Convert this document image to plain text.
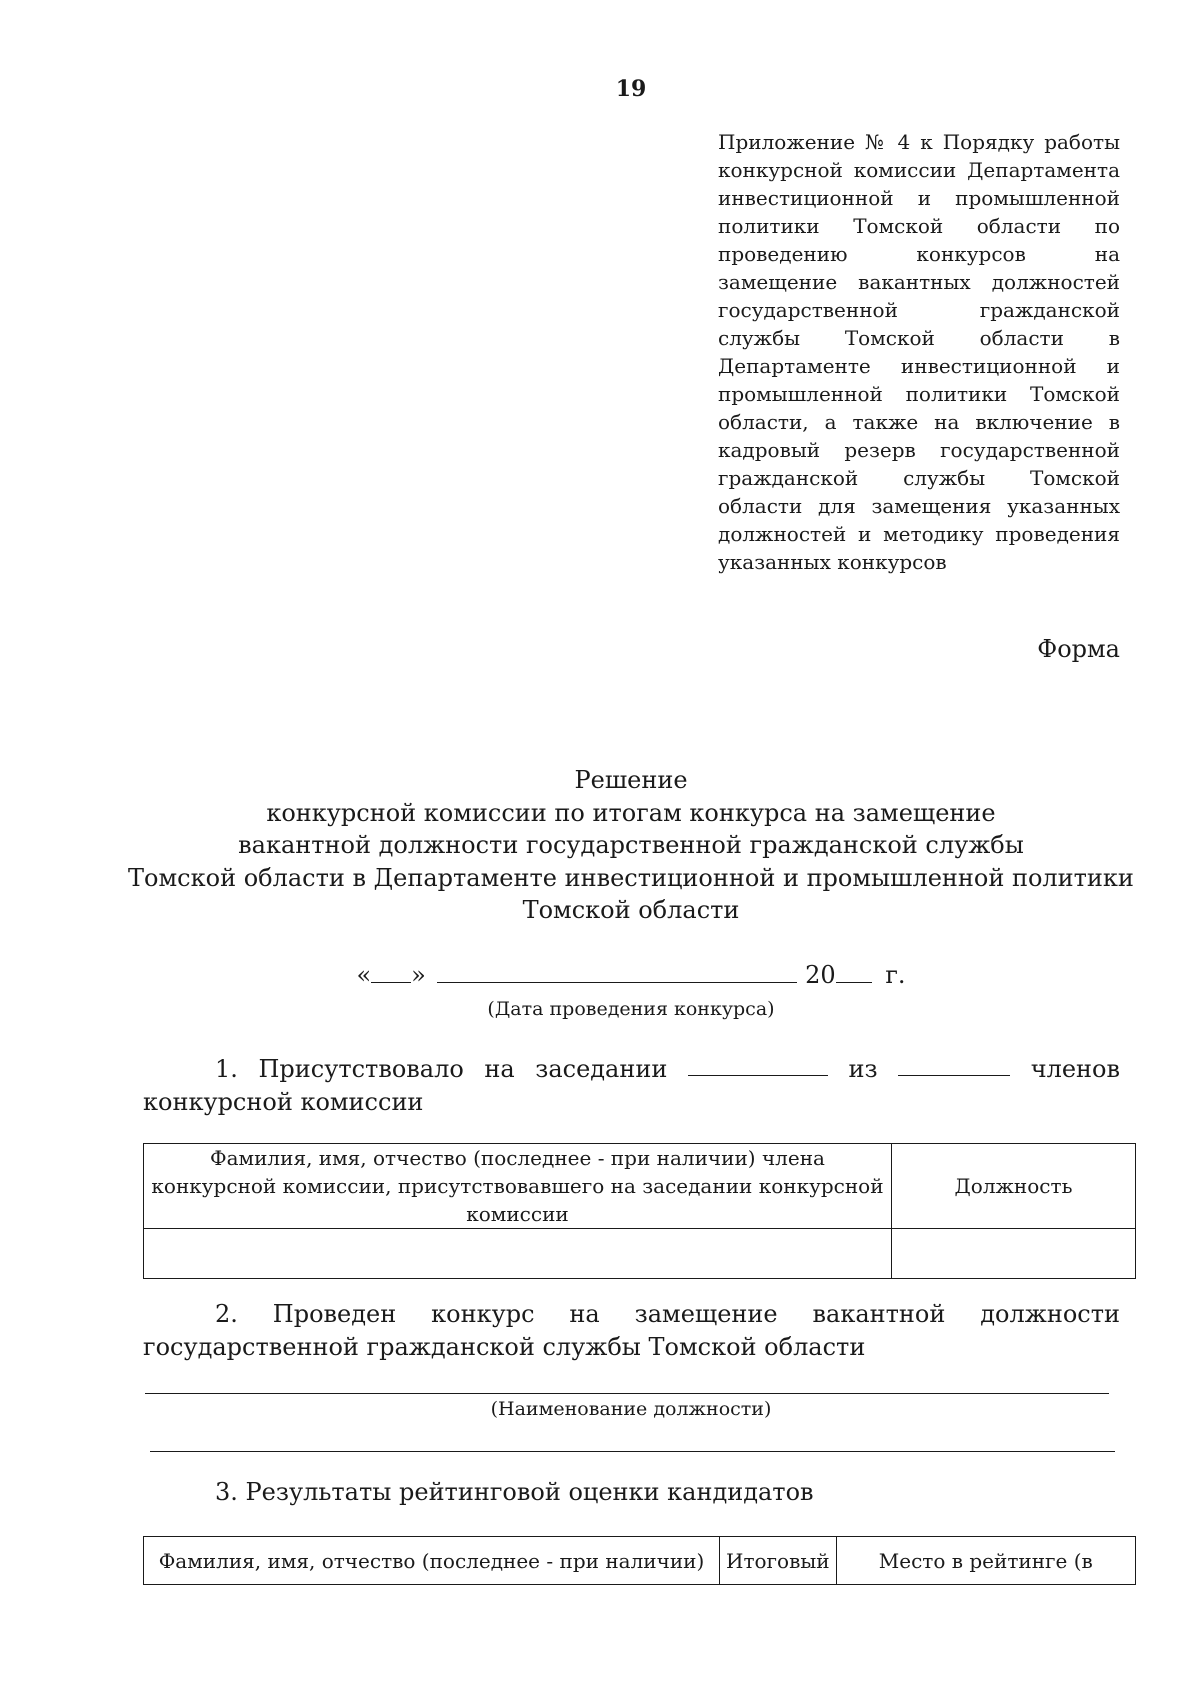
19
Приложение № 4 к Порядку работы конкурсной комиссии Департамента инвестиционной и промышленной политики Томской области по проведению конкурсов на замещение вакантных должностей государственной гражданской службы Томской области в Департаменте инвестиционной и промышленной политики Томской области, а также на включение в кадровый резерв государственной гражданской службы Томской области для замещения указанных должностей и методику проведения указанных конкурсов
Форма
Решение
конкурсной комиссии по итогам конкурса на замещение
вакантной должности государственной гражданской службы
Томской области в Департаменте инвестиционной и промышленной политики
Томской области
« »	20 г.
(Дата проведения конкурса)
1. Присутствовало на заседании	из	членов
конкурсной комиссии
Фамилия, имя, отчество (последнее - при наличии) члена конкурсной комиссии, присутствовавшего на заседании конкурсной комиссии	Должность

2. Проведен конкурс на замещение вакантной должности государственной гражданской службы Томской области
(Наименование должности)
3. Результаты рейтинговой оценки кандидатов
Фамилия, имя, отчество (последнее - при наличии)	Итоговый	Место в рейтинге (в
